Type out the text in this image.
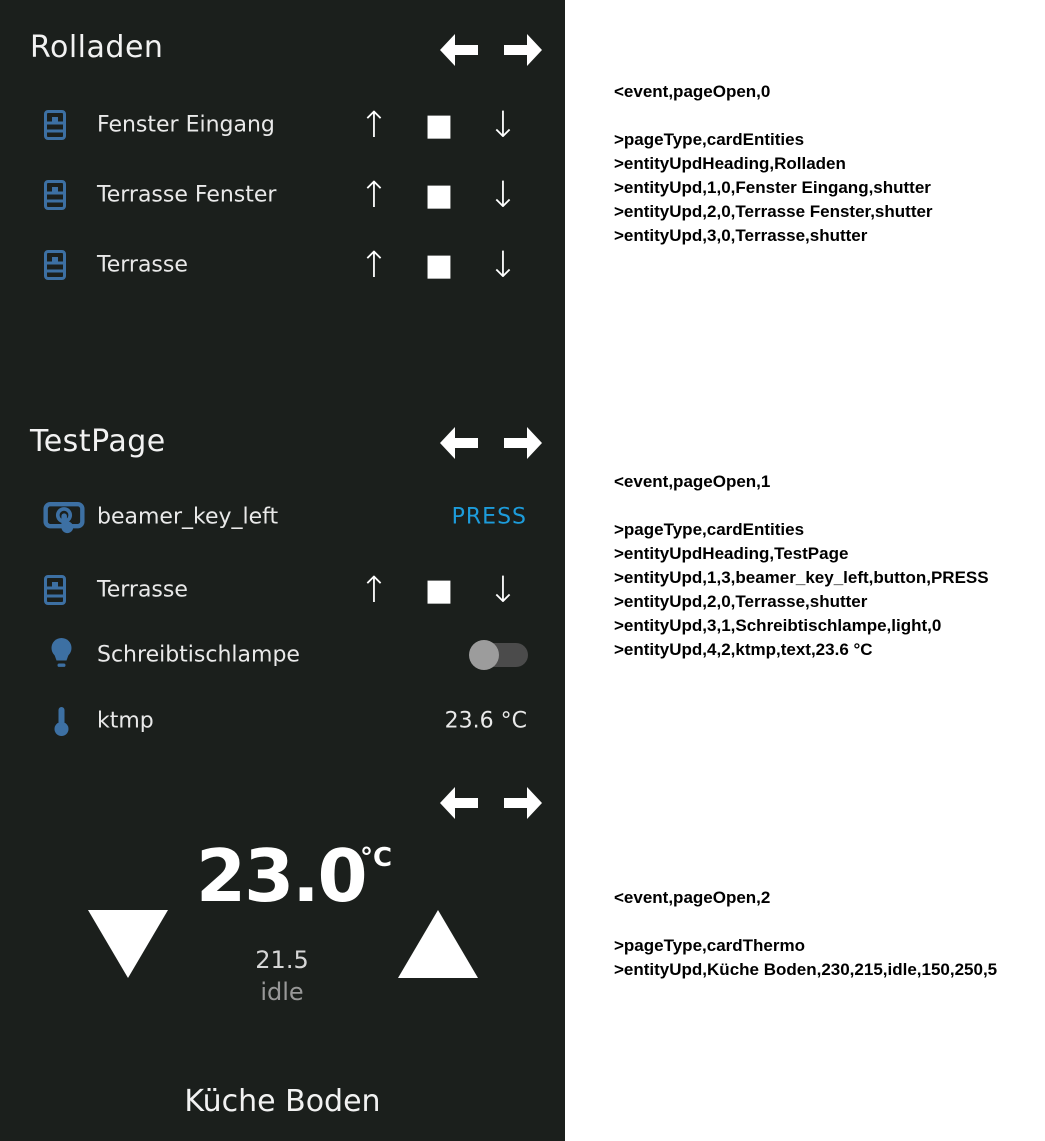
Rolladen
Fenster Eingang ↑ ■ ↓
Terrasse Fenster ↑ ■ ↓
Terrasse	↑ ■ ↓
TestPage
beamer_key_left	PRESS
Terrasse	↑ ■ ↓
Schreibtischlampe
ktmp	23.6 °C
23.0
°C
21.5
idle
Küche Boden
<event,pageOpen,0
>pageType,cardEntities
>entityUpdHeading,Rolladen
>entityUpd,1,0,Fenster Eingang,shutter
>entityUpd,2,0,Terrasse Fenster,shutter
>entityUpd,3,0,Terrasse,shutter
<event,pageOpen,1
>pageType,cardEntities
>entityUpdHeading,TestPage
>entityUpd,1,3,beamer_key_left,button,PRESS
>entityUpd,2,0,Terrasse,shutter
>entityUpd,3,1,Schreibtischlampe,light,0
>entityUpd,4,2,ktmp,text,23.6 °C
<event,pageOpen,2
>pageType,cardThermo
>entityUpd,Küche Boden,230,215,idle,150,250,5
